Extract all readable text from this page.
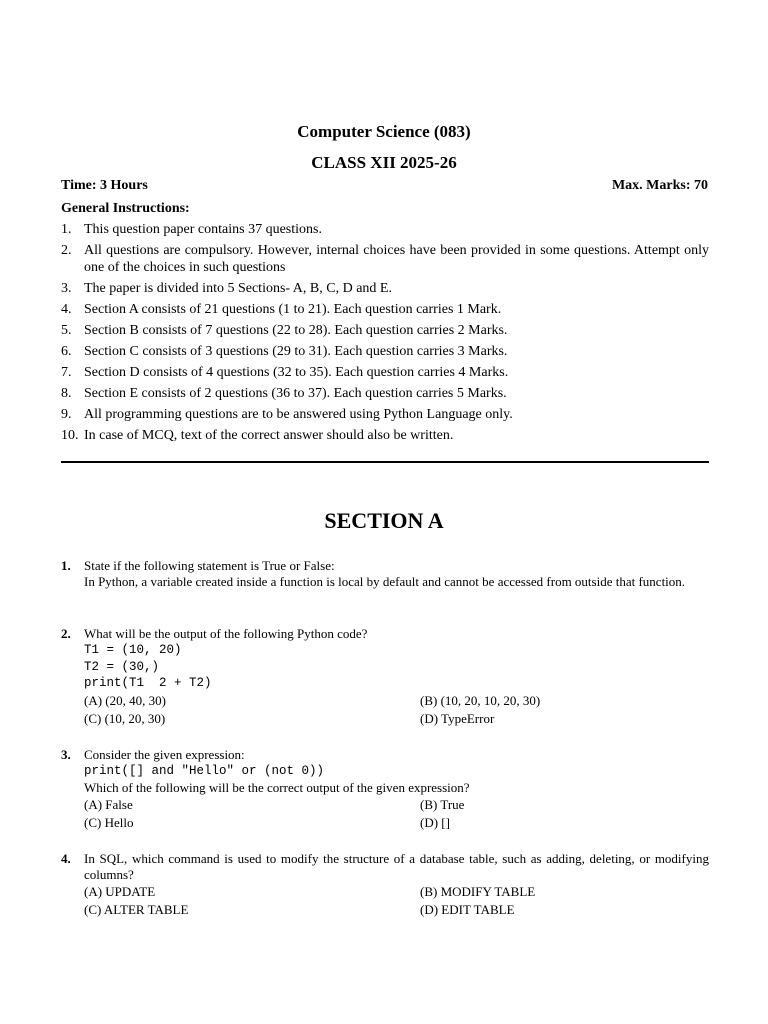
Computer Science (083)
CLASS XII 2025-26
Time: 3 Hours	Max. Marks: 70
General Instructions:
1. This question paper contains 37 questions.
2. All questions are compulsory. However, internal choices have been provided in some questions. Attempt only one of the choices in such questions
3. The paper is divided into 5 Sections- A, B, C, D and E.
4. Section A consists of 21 questions (1 to 21). Each question carries 1 Mark.
5. Section B consists of 7 questions (22 to 28). Each question carries 2 Marks.
6. Section C consists of 3 questions (29 to 31). Each question carries 3 Marks.
7. Section D consists of 4 questions (32 to 35). Each question carries 4 Marks.
8. Section E consists of 2 questions (36 to 37). Each question carries 5 Marks.
9. All programming questions are to be answered using Python Language only.
10. In case of MCQ, text of the correct answer should also be written.
SECTION A
1.	State if the following statement is True or False:
In Python, a variable created inside a function is local by default and cannot be accessed from outside that function.
2.	What will be the output of the following Python code?
T1 = (10, 20)
T2 = (30,)
print(T1  2 + T2)
(A) (20, 40, 30)	(B) (10, 20, 10, 20, 30)
(C) (10, 20, 30)	(D) TypeError
3.	Consider the given expression:
print([] and "Hello" or (not 0))
Which of the following will be the correct output of the given expression?
(A) False	(B) True
(C) Hello	(D) []
4.	In SQL, which command is used to modify the structure of a database table, such as adding, deleting, or modifying columns?
(A) UPDATE	(B) MODIFY TABLE
(C) ALTER TABLE	(D) EDIT TABLE
